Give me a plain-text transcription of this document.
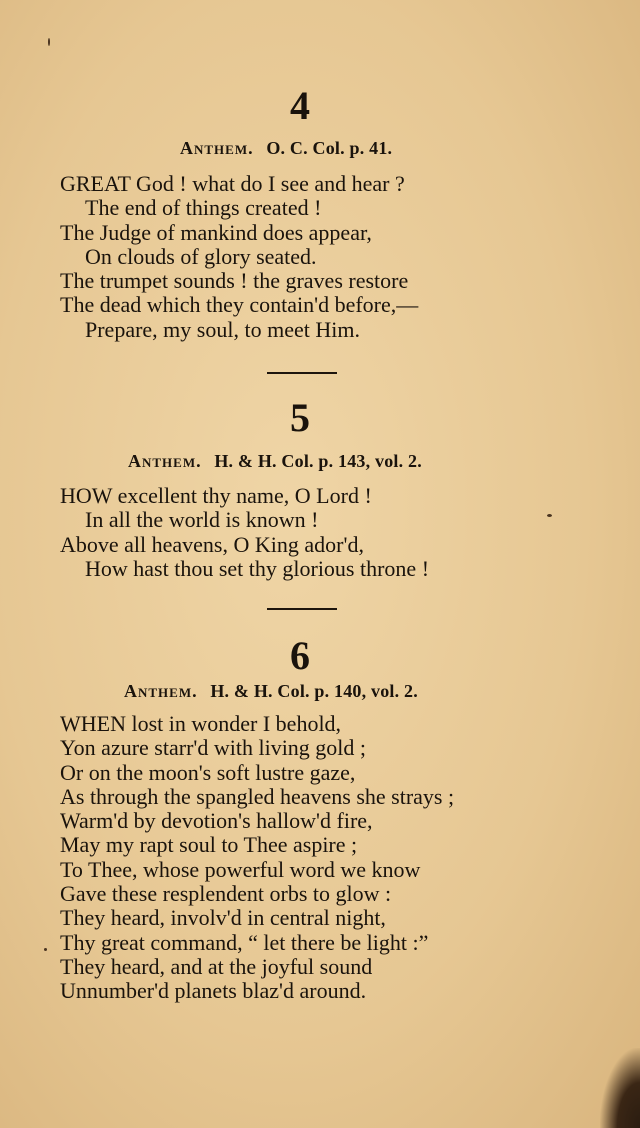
4
Anthem. O. C. Col. p. 41.
GREAT God ! what do I see and hear ?
The end of things created !
The Judge of mankind does appear,
On clouds of glory seated.
The trumpet sounds ! the graves restore
The dead which they contain'd before,—
Prepare, my soul, to meet Him.
5
Anthem. H. & H. Col. p. 143, vol. 2.
HOW excellent thy name, O Lord !
In all the world is known !
Above all heavens, O King ador'd,
How hast thou set thy glorious throne !
6
Anthem. H. & H. Col. p. 140, vol. 2.
WHEN lost in wonder I behold,
Yon azure starr'd with living gold ;
Or on the moon's soft lustre gaze,
As through the spangled heavens she strays ;
Warm'd by devotion's hallow'd fire,
May my rapt soul to Thee aspire ;
To Thee, whose powerful word we know
Gave these resplendent orbs to glow :
They heard, involv'd in central night,
Thy great command, “ let there be light :”
They heard, and at the joyful sound
Unnumber'd planets blaz'd around.
